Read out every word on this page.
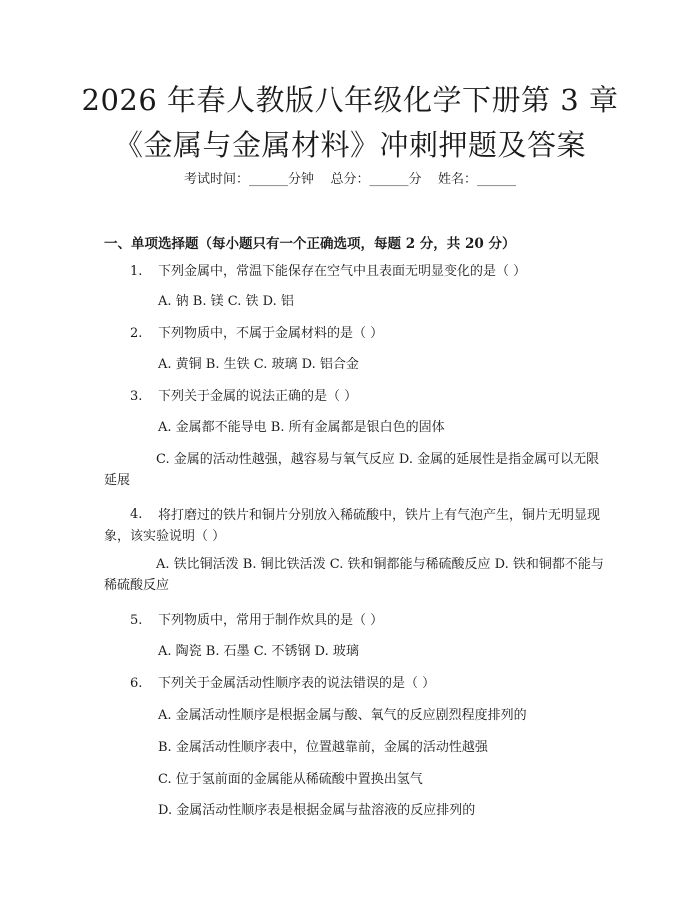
2026 年春人教版八年级化学下册第 3 章《金属与金属材料》冲刺押题及答案
考试时间：______分钟    总分：______分    姓名：______
一、单项选择题（每小题只有一个正确选项，每题 2 分，共 20 分）
1. 下列金属中，常温下能保存在空气中且表面无明显变化的是（ ）
A. 钠 B. 镁 C. 铁 D. 铝
2. 下列物质中，不属于金属材料的是（ ）
A. 黄铜 B. 生铁 C. 玻璃 D. 铝合金
3. 下列关于金属的说法正确的是（ ）
A. 金属都不能导电 B. 所有金属都是银白色的固体
C. 金属的活动性越强，越容易与氧气反应 D. 金属的延展性是指金属可以无限延展
4.	将打磨过的铁片和铜片分别放入稀硫酸中，铁片上有气泡产生，铜片无明显现象，该实验说明（ ）
A. 铁比铜活泼 B. 铜比铁活泼 C. 铁和铜都能与稀硫酸反应 D. 铁和铜都不能与稀硫酸反应
5. 下列物质中，常用于制作炊具的是（ ）
A. 陶瓷 B. 石墨 C. 不锈钢 D. 玻璃
6. 下列关于金属活动性顺序表的说法错误的是（ ）
A. 金属活动性顺序是根据金属与酸、氧气的反应剧烈程度排列的
B. 金属活动性顺序表中，位置越靠前，金属的活动性越强
C. 位于氢前面的金属能从稀硫酸中置换出氢气
D. 金属活动性顺序表是根据金属与盐溶液的反应排列的
